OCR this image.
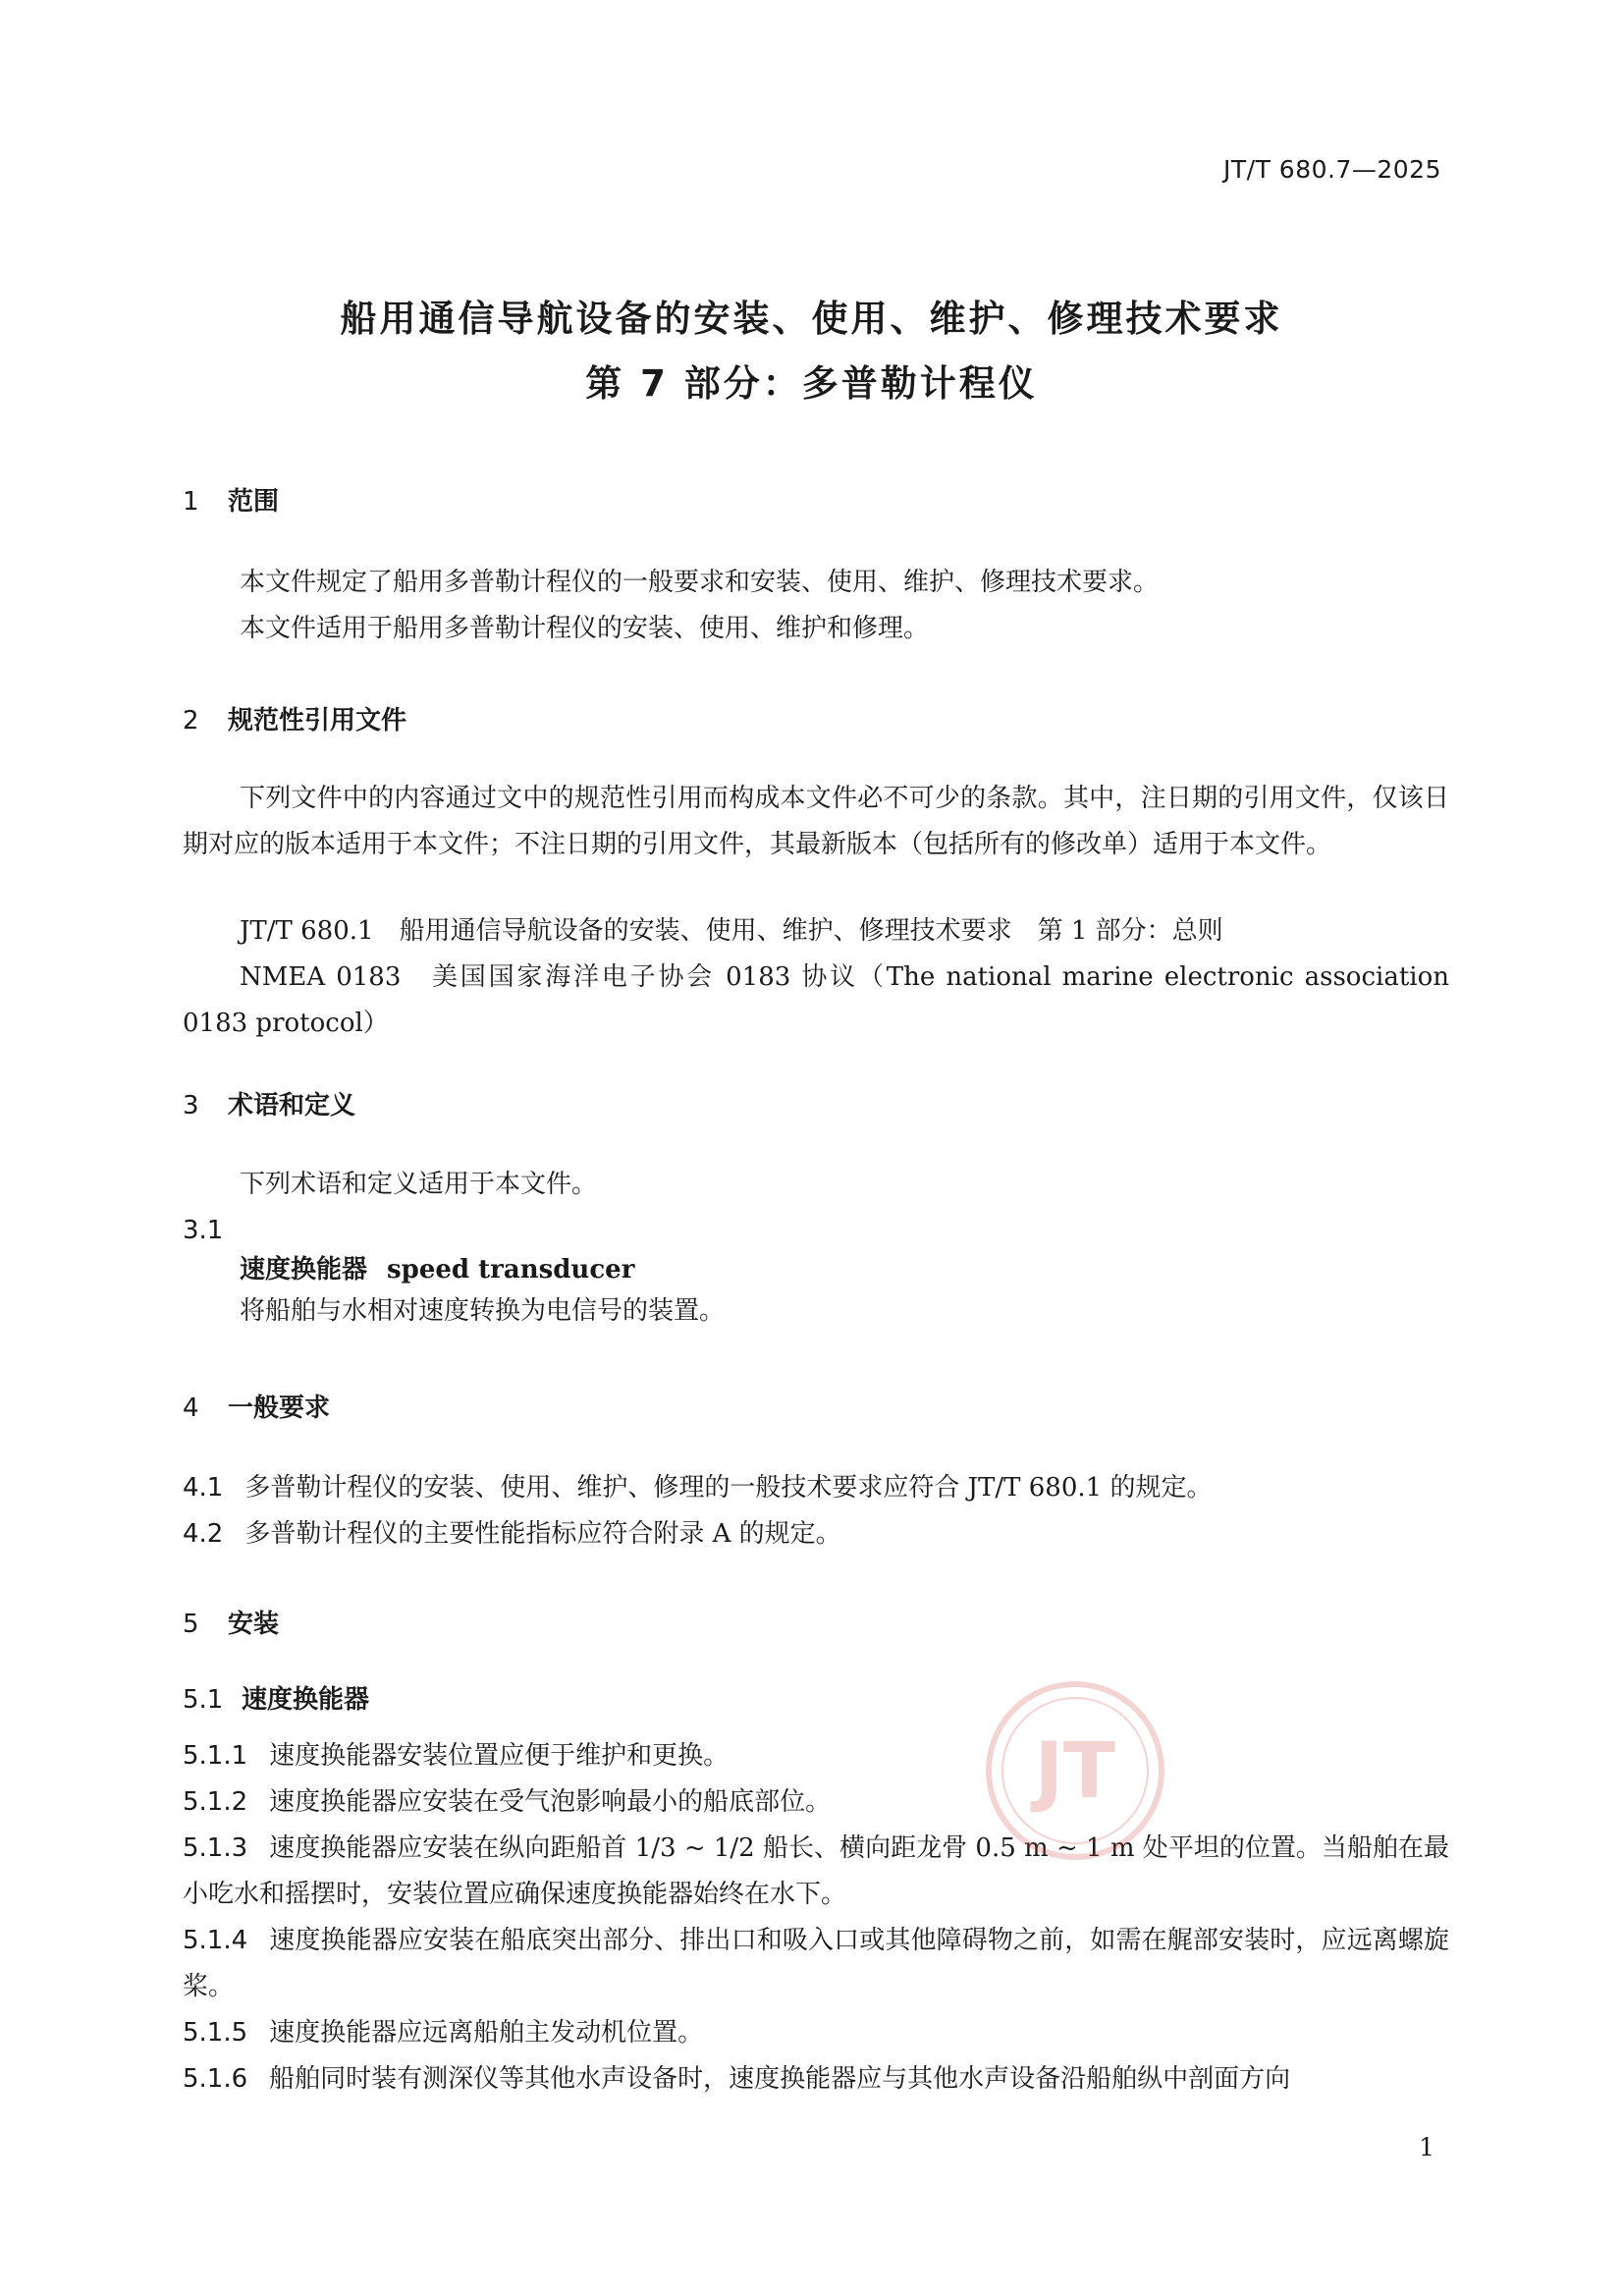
JT/T 680.7—2025
船用通信导航设备的安装、使用、维护、修理技术要求
第 7 部分：多普勒计程仪
1 范围
本文件规定了船用多普勒计程仪的一般要求和安装、使用、维护、修理技术要求。
本文件适用于船用多普勒计程仪的安装、使用、维护和修理。
2 规范性引用文件
下列文件中的内容通过文中的规范性引用而构成本文件必不可少的条款。其中，注日期的引用文件，仅该日期对应的版本适用于本文件；不注日期的引用文件，其最新版本（包括所有的修改单）适用于本文件。
JT/T 680.1　船用通信导航设备的安装、使用、维护、修理技术要求　第 1 部分：总则
NMEA 0183　美国国家海洋电子协会 0183 协议（The national marine electronic association 0183 protocol）
3 术语和定义
下列术语和定义适用于本文件。
3.1
速度换能器 speed transducer
将船舶与水相对速度转换为电信号的装置。
4 一般要求
4.1 多普勒计程仪的安装、使用、维护、修理的一般技术要求应符合 JT/T 680.1 的规定。
4.2 多普勒计程仪的主要性能指标应符合附录 A 的规定。
5 安装
5.1 速度换能器
5.1.1 速度换能器安装位置应便于维护和更换。
5.1.2 速度换能器应安装在受气泡影响最小的船底部位。
5.1.3 速度换能器应安装在纵向距船首 1/3 ~ 1/2 船长、横向距龙骨 0.5 m ~ 1 m 处平坦的位置。当船舶在最小吃水和摇摆时，安装位置应确保速度换能器始终在水下。
5.1.4 速度换能器应安装在船底突出部分、排出口和吸入口或其他障碍物之前，如需在艉部安装时，应远离螺旋桨。
5.1.5 速度换能器应远离船舶主发动机位置。
5.1.6 船舶同时装有测深仪等其他水声设备时，速度换能器应与其他水声设备沿船舶纵中剖面方向
JT
1
